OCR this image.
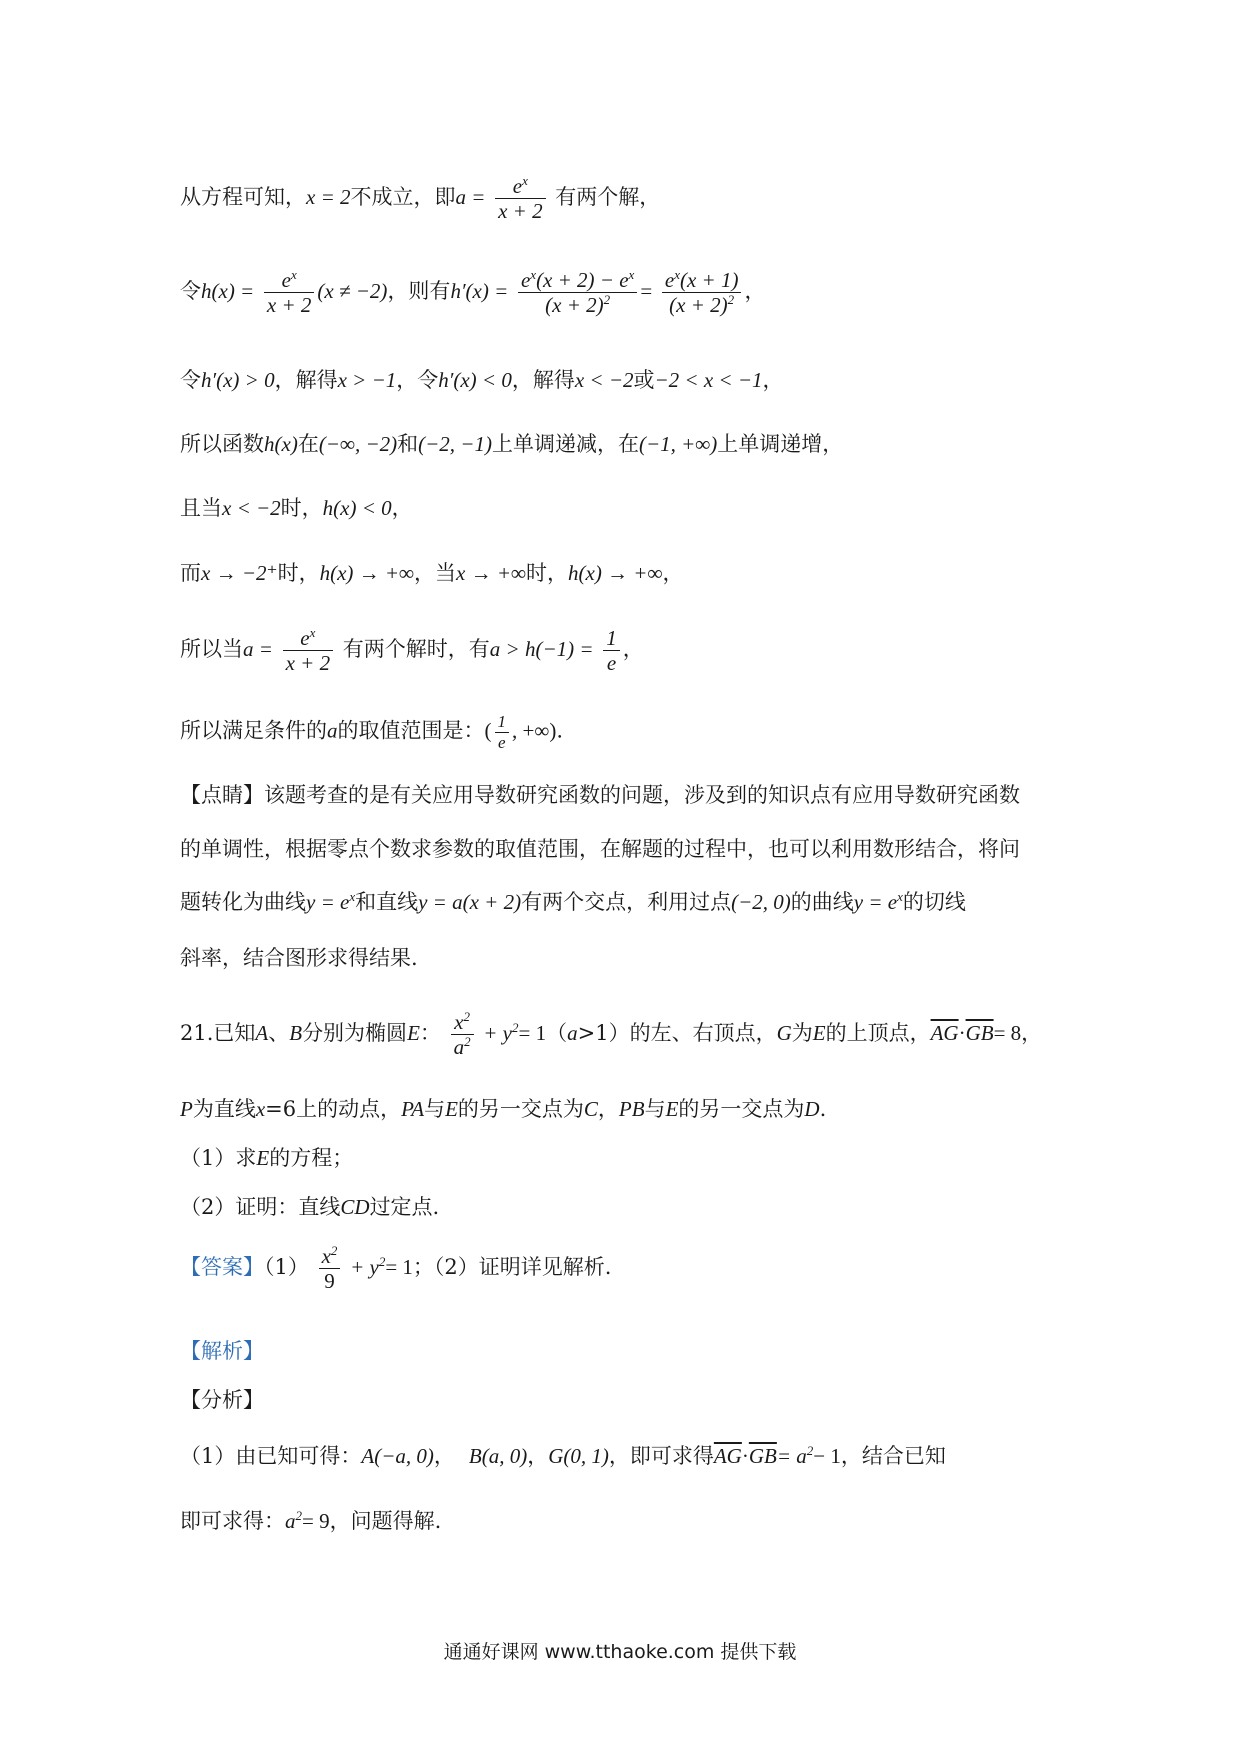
从方程可知，x = 2不成立，即$a = \frac{e^x}{x + 2}$ 有两个解，
令$h(x) = \frac{e^x}{x + 2} (x \ne -2)$，则有$h'(x) = \frac{e^x(x + 2) - e^x}{(x + 2)^2} = \frac{e^x(x + 1)}{(x + 2)^2}$ ，
令h′(x) > 0，解得x > −1，令h′(x) < 0，解得x < −2或−2 < x < −1，
所以函数h(x)在(−∞, −2)和(−2, −1)上单调递减，在(−1, +∞)上单调递增，
且当x < −2时，h(x) < 0，
而x → −2⁺时，h(x) → +∞，当x → +∞时，h(x) → +∞，
所以当$a = \frac{e^x}{x + 2}$ 有两个解时，有$a > h(-1) = \frac{1}{e}$ ，
所以满足条件的a的取值范围是：( $\frac{1}{e}$ , +∞).
【点睛】该题考查的是有关应用导数研究函数的问题，涉及到的知识点有应用导数研究函数
的单调性，根据零点个数求参数的取值范围，在解题的过程中，也可以利用数形结合，将问
题转化为曲线$y = e^x$和直线y = a(x + 2)有两个交点，利用过点(−2, 0)的曲线$y = e^x$的切线
斜率，结合图形求得结果.
21.已知A、B分别为椭圆E： $\frac{x^2}{a^2} + y^2= 1(a>1)$的左、右顶点，G为E的上顶点，$\overline{AG}\cdot\overline{GB}= 8$，
P为直线x=6上的动点，PA与E的另一交点为C，PB与E的另一交点为D.
（1）求E的方程；
（2）证明：直线CD过定点.
【答案】$(1) \frac{x^2}{9} + y^2= 1$；（2）证明详见解析.
【解析】
【分析】
（1）由已知可得：A(−a, 0)， B(a, 0)，G(0, 1)，即可求得$\overline{AG}\cdot\overline{GB}= a^2- 1$，结合已知
即可求得：$a^2= 9$，问题得解.
通通好课网 www.tthaoke.com 提供下载
